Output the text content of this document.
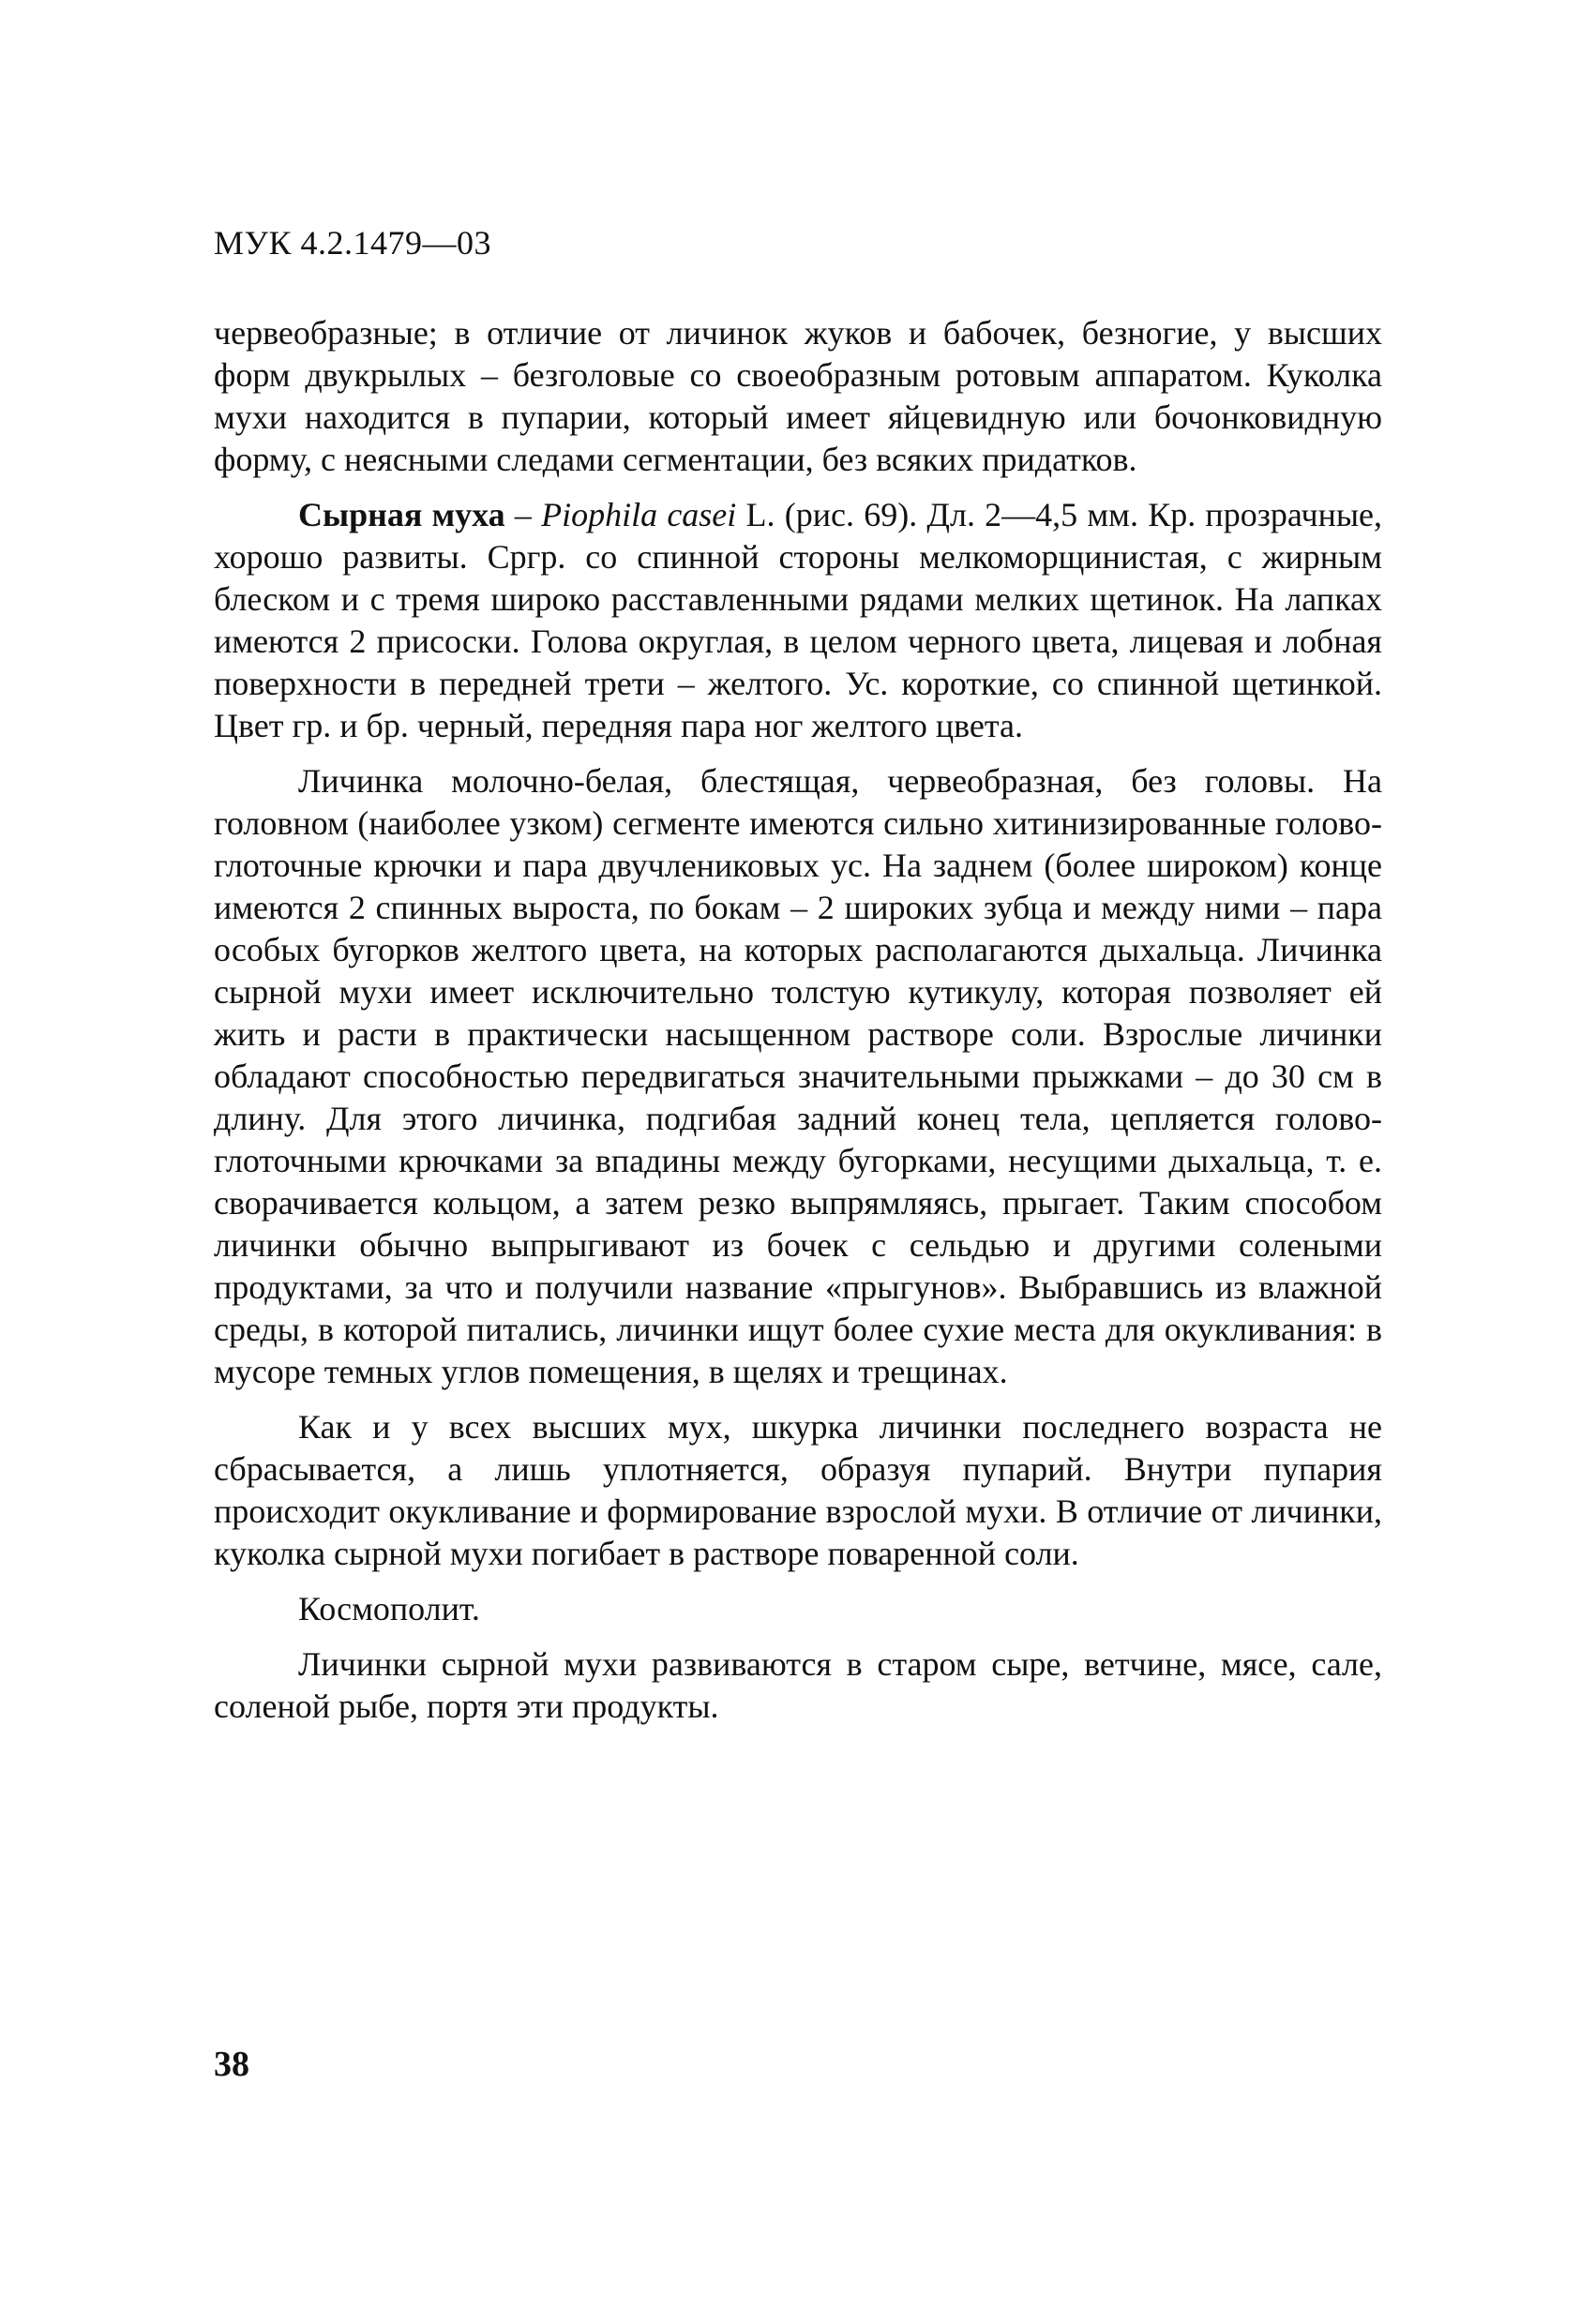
МУК 4.2.1479—03

червеобразные; в отличие от личинок жуков и бабочек, безногие, у высших форм двукрылых – безголовые со своеобразным ротовым аппаратом. Куколка мухи находится в пупарии, который имеет яйцевидную или бочонковидную форму, с неясными следами сегментации, без всяких придатков.

Сырная муха – Piophila casei L. (рис. 69). Дл. 2—4,5 мм. Кр. прозрачные, хорошо развиты. Сргр. со спинной стороны мелкоморщинистая, с жирным блеском и с тремя широко расставленными рядами мелких щетинок. На лапках имеются 2 присоски. Голова округлая, в целом черного цвета, лицевая и лобная поверхности в передней трети – желтого. Ус. короткие, со спинной щетинкой. Цвет гр. и бр. черный, передняя пара ног желтого цвета.

Личинка молочно-белая, блестящая, червеобразная, без головы. На головном (наиболее узком) сегменте имеются сильно хитинизированные голово-глоточные крючки и пара двучлениковых ус. На заднем (более широком) конце имеются 2 спинных выроста, по бокам – 2 широких зубца и между ними – пара особых бугорков желтого цвета, на которых располагаются дыхальца. Личинка сырной мухи имеет исключительно толстую кутикулу, которая позволяет ей жить и расти в практически насыщенном растворе соли. Взрослые личинки обладают способностью передвигаться значительными прыжками – до 30 см в длину. Для этого личинка, подгибая задний конец тела, цепляется голово-глоточными крючками за впадины между бугорками, несущими дыхальца, т. е. сворачивается кольцом, а затем резко выпрямляясь, прыгает. Таким способом личинки обычно выпрыгивают из бочек с сельдью и другими солеными продуктами, за что и получили название «прыгунов». Выбравшись из влажной среды, в которой питались, личинки ищут более сухие места для окукливания: в мусоре темных углов помещения, в щелях и трещинах.

Как и у всех высших мух, шкурка личинки последнего возраста не сбрасывается, а лишь уплотняется, образуя пупарий. Внутри пупария происходит окукливание и формирование взрослой мухи. В отличие от личинки, куколка сырной мухи погибает в растворе поваренной соли.

Космополит.

Личинки сырной мухи развиваются в старом сыре, ветчине, мясе, сале, соленой рыбе, портя эти продукты.

38
